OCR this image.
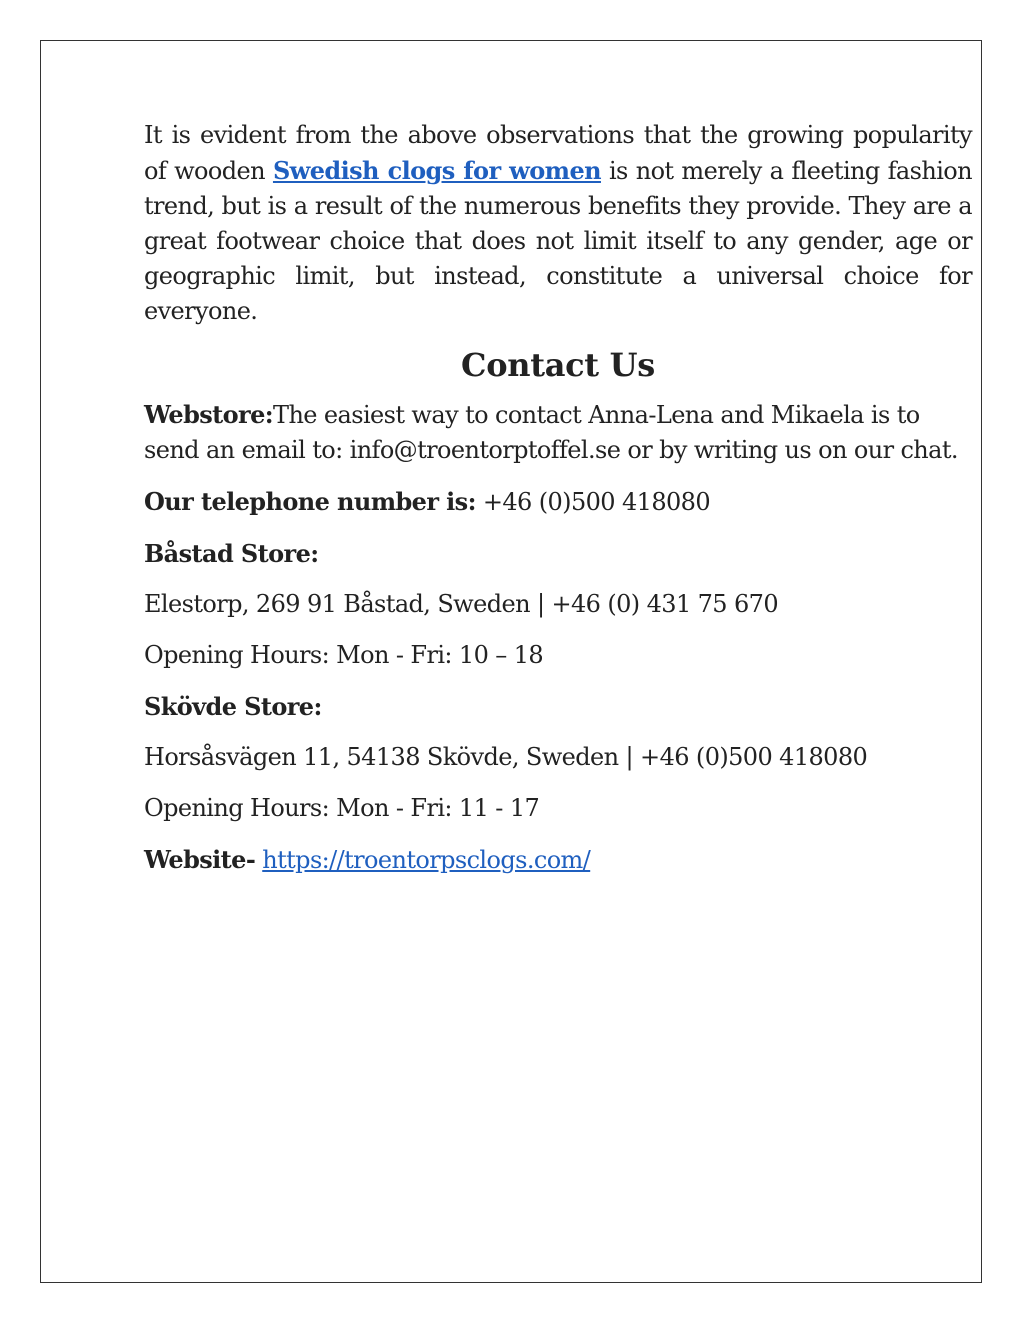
It is evident from the above observations that the growing popularity of wooden Swedish clogs for women is not merely a fleeting fashion trend, but is a result of the numerous benefits they provide. They are a great footwear choice that does not limit itself to any gender, age or geographic limit, but instead, constitute a universal choice for everyone.

Contact Us

Webstore:The easiest way to contact Anna-Lena and Mikaela is to send an email to: info@troentorptoffel.se or by writing us on our chat.

Our telephone number is: +46 (0)500 418080

Båstad Store:

Elestorp, 269 91 Båstad, Sweden | +46 (0) 431 75 670

Opening Hours: Mon - Fri: 10 – 18

Skövde Store:

Horsåsvägen 11, 54138 Skövde, Sweden | +46 (0)500 418080

Opening Hours: Mon - Fri: 11 - 17

Website- https://troentorpsclogs.com/
